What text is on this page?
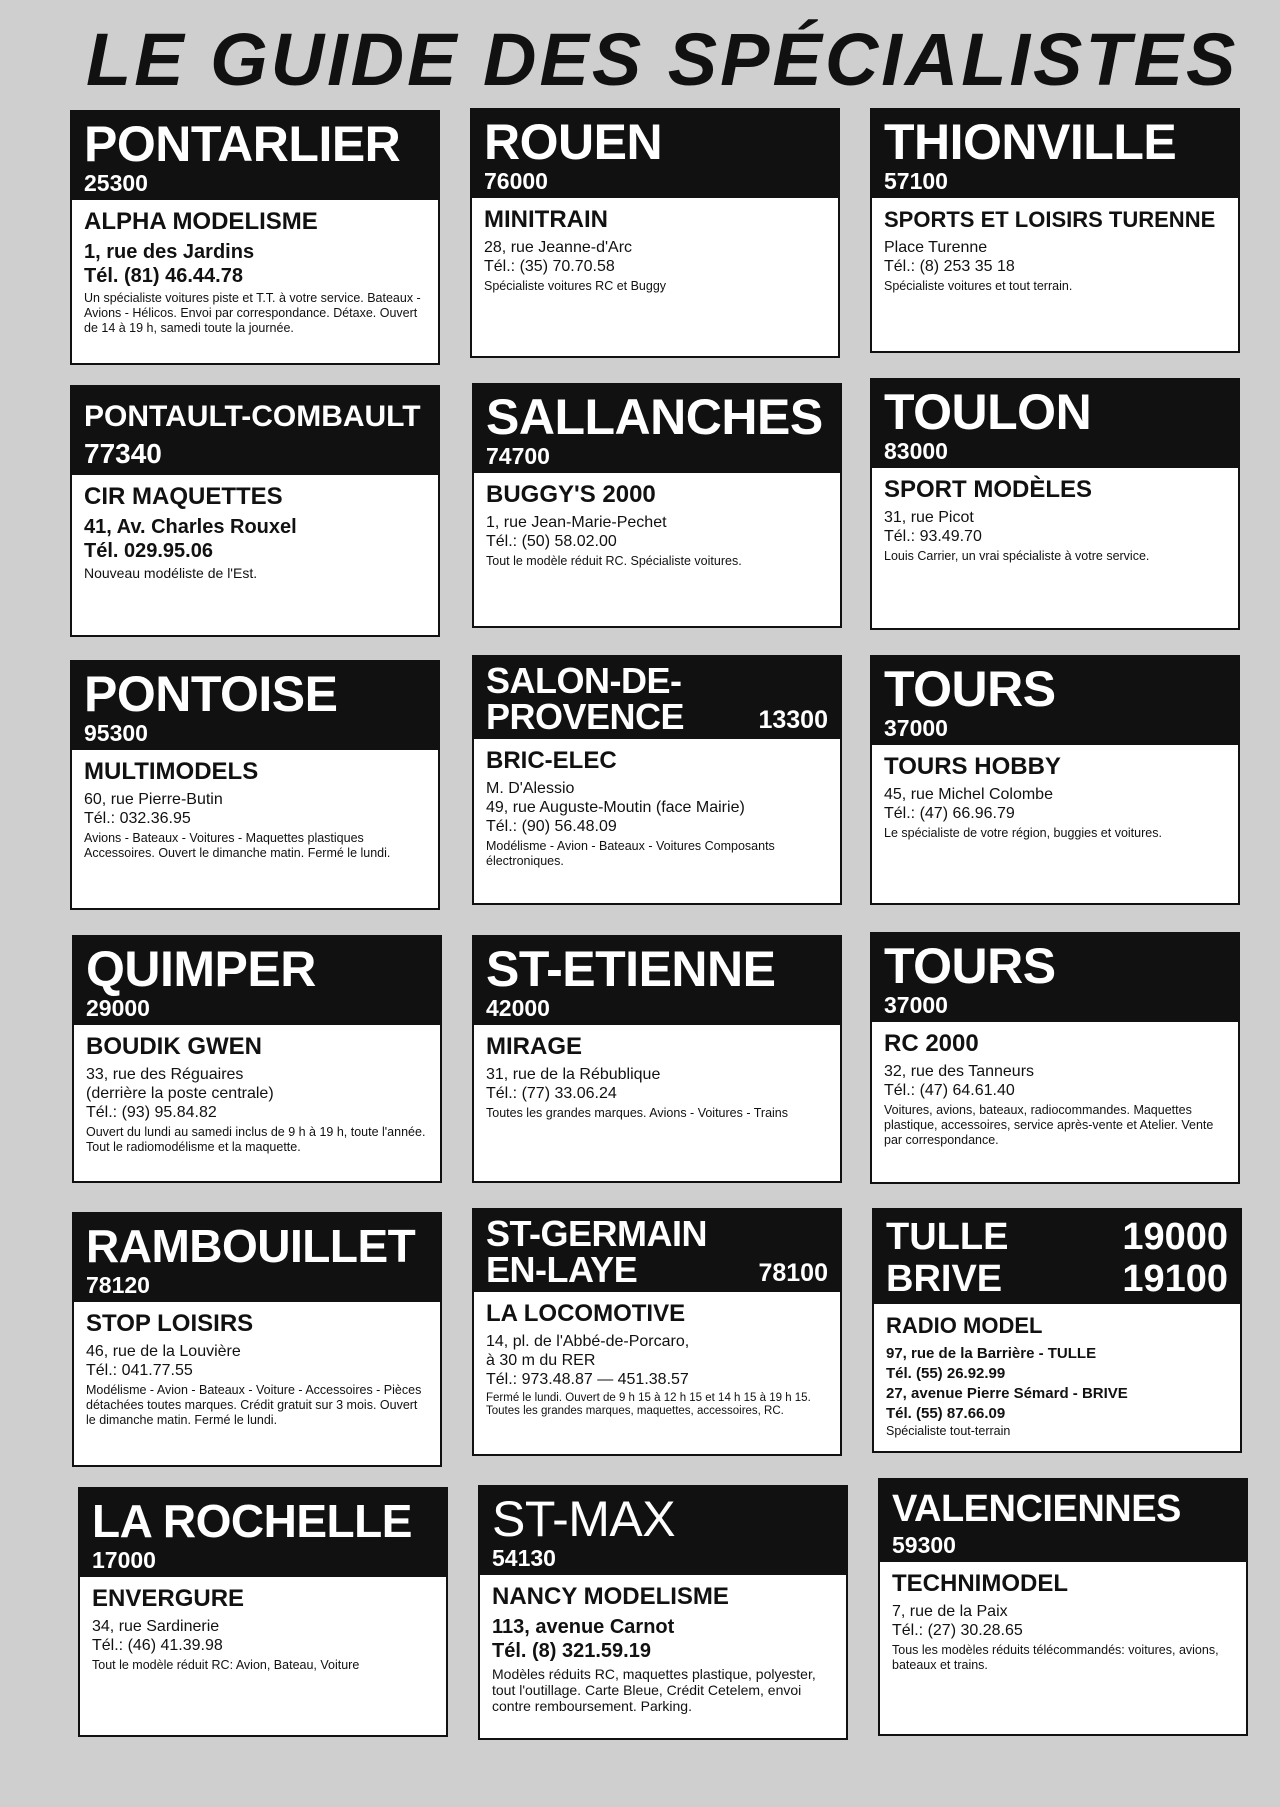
LE GUIDE DES SPÉCIALISTES
PONTARLIER
25300
ALPHA MODELISME
1, rue des Jardins
Tél. (81) 46.44.78
Un spécialiste voitures piste et T.T. à votre service. Bateaux - Avions - Hélicos. Envoi par correspondance. Détaxe. Ouvert de 14 à 19 h, samedi toute la journée.
ROUEN
76000
MINITRAIN
28, rue Jeanne-d'Arc
Tél.: (35) 70.70.58
Spécialiste voitures RC et Buggy
THIONVILLE
57100
SPORTS ET LOISIRS TURENNE
Place Turenne
Tél.: (8) 253 35 18
Spécialiste voitures et tout terrain.
PONTAULT-COMBAULT
77340
CIR MAQUETTES
41, Av. Charles Rouxel
Tél. 029.95.06
Nouveau modéliste de l'Est.
SALLANCHES
74700
BUGGY'S 2000
1, rue Jean-Marie-Pechet
Tél.: (50) 58.02.00
Tout le modèle réduit RC. Spécialiste voitures.
TOULON
83000
SPORT MODÈLES
31, rue Picot
Tél.: 93.49.70
Louis Carrier, un vrai spécialiste à votre service.
PONTOISE
95300
MULTIMODELS
60, rue Pierre-Butin
Tél.: 032.36.95
Avions - Bateaux - Voitures - Maquettes plastiques Accessoires. Ouvert le dimanche matin. Fermé le lundi.
SALON-DE-
PROVENCE	13300
BRIC-ELEC
M. D'Alessio
49, rue Auguste-Moutin (face Mairie)
Tél.: (90) 56.48.09
Modélisme - Avion - Bateaux - Voitures Composants électroniques.
TOURS
37000
TOURS HOBBY
45, rue Michel Colombe
Tél.: (47) 66.96.79
Le spécialiste de votre région, buggies et voitures.
QUIMPER
29000
BOUDIK GWEN
33, rue des Réguaires
(derrière la poste centrale)
Tél.: (93) 95.84.82
Ouvert du lundi au samedi inclus de 9 h à 19 h, toute l'année. Tout le radiomodélisme et la maquette.
ST-ETIENNE
42000
MIRAGE
31, rue de la Rébublique
Tél.: (77) 33.06.24
Toutes les grandes marques. Avions - Voitures - Trains
TOURS
37000
RC 2000
32, rue des Tanneurs
Tél.: (47) 64.61.40
Voitures, avions, bateaux, radiocommandes. Maquettes plastique, accessoires, service après-vente et Atelier. Vente par correspondance.
RAMBOUILLET
78120
STOP LOISIRS
46, rue de la Louvière
Tél.: 041.77.55
Modélisme - Avion - Bateaux - Voiture - Accessoires - Pièces détachées toutes marques. Crédit gratuit sur 3 mois. Ouvert le dimanche matin. Fermé le lundi.
ST-GERMAIN
EN-LAYE	78100
LA LOCOMOTIVE
14, pl. de l'Abbé-de-Porcaro,
à 30 m du RER
Tél.: 973.48.87 — 451.38.57
Fermé le lundi. Ouvert de 9 h 15 à 12 h 15 et 14 h 15 à 19 h 15. Toutes les grandes marques, maquettes, accessoires, RC.
TULLE	19000
BRIVE	19100
RADIO MODEL
97, rue de la Barrière - TULLE
Tél. (55) 26.92.99
27, avenue Pierre Sémard - BRIVE
Tél. (55) 87.66.09
Spécialiste tout-terrain
LA ROCHELLE
17000
ENVERGURE
34, rue Sardinerie
Tél.: (46) 41.39.98
Tout le modèle réduit RC: Avion, Bateau, Voiture
ST-MAX
54130
NANCY MODELISME
113, avenue Carnot
Tél. (8) 321.59.19
Modèles réduits RC, maquettes plastique, polyester, tout l'outillage. Carte Bleue, Crédit Cetelem, envoi contre remboursement. Parking.
VALENCIENNES
59300
TECHNIMODEL
7, rue de la Paix
Tél.: (27) 30.28.65
Tous les modèles réduits télécommandés: voitures, avions, bateaux et trains.
